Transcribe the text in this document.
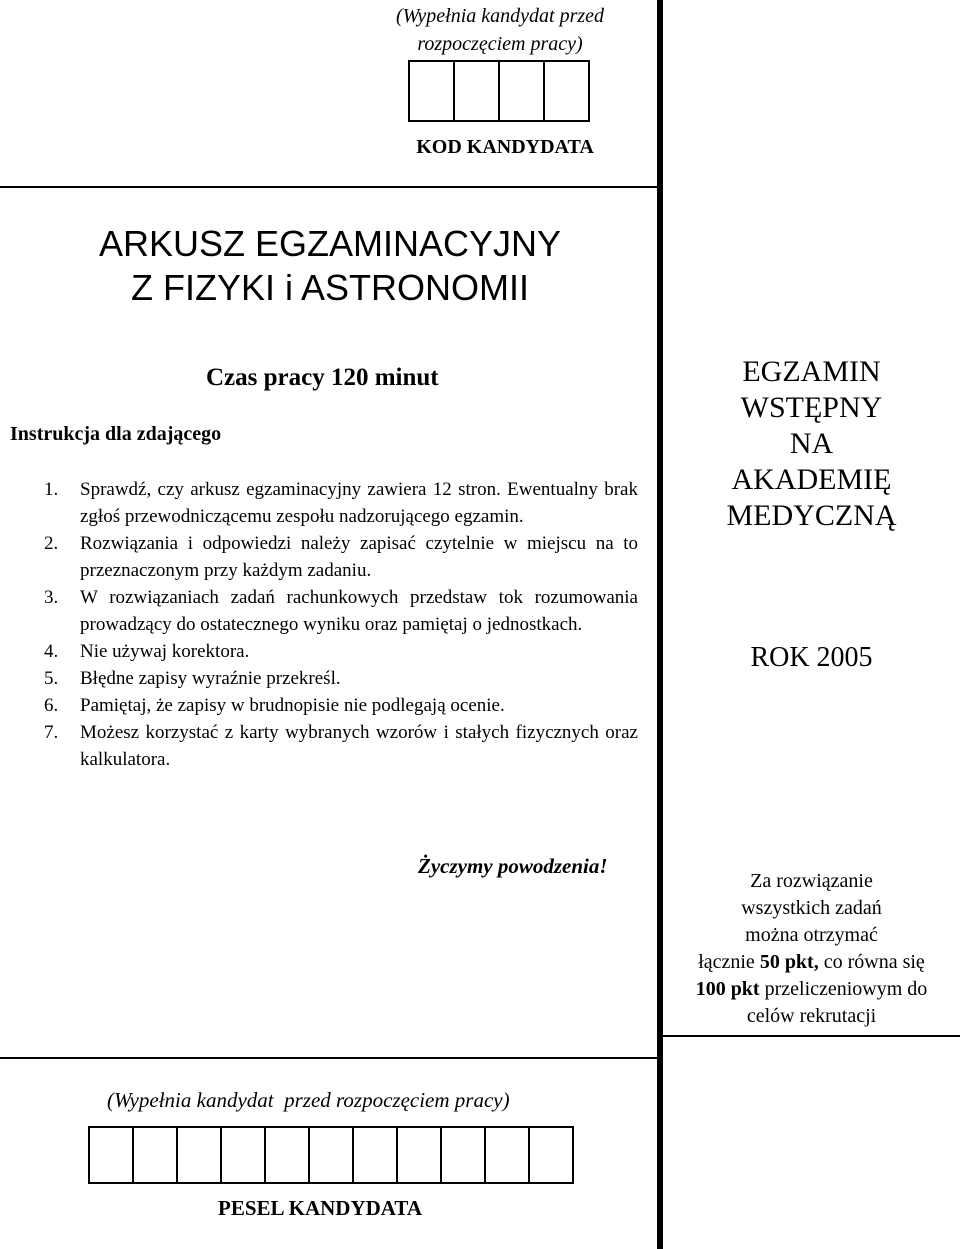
(Wypełnia kandydat przed
rozpoczęciem pracy)
KOD KANDYDATA
ARKUSZ EGZAMINACYJNY
Z FIZYKI i ASTRONOMII
Czas pracy 120 minut
Instrukcja dla zdającego
1.	Sprawdź, czy arkusz egzaminacyjny zawiera 12 stron. Ewentualny brak zgłoś przewodniczącemu zespołu nadzorującego egzamin.
2.	Rozwiązania i odpowiedzi należy zapisać czytelnie w miejscu na to przeznaczonym przy każdym zadaniu.
3.	W rozwiązaniach zadań rachunkowych przedstaw tok rozumowania prowadzący do ostatecznego wyniku oraz pamiętaj o jednostkach.
4.	Nie używaj korektora.
5.	Błędne zapisy wyraźnie przekreśl.
6.	Pamiętaj, że zapisy w brudnopisie nie podlegają ocenie.
7.	Możesz korzystać z karty wybranych wzorów i stałych fizycznych oraz kalkulatora.
Życzymy powodzenia!
EGZAMIN
WSTĘPNY
NA
AKADEMIĘ
MEDYCZNĄ
ROK 2005
Za rozwiązanie
wszystkich zadań
można otrzymać
łącznie 50 pkt, co równa się
100 pkt przeliczeniowym do
celów rekrutacji
(Wypełnia kandydat  przed rozpoczęciem pracy)
PESEL KANDYDATA
